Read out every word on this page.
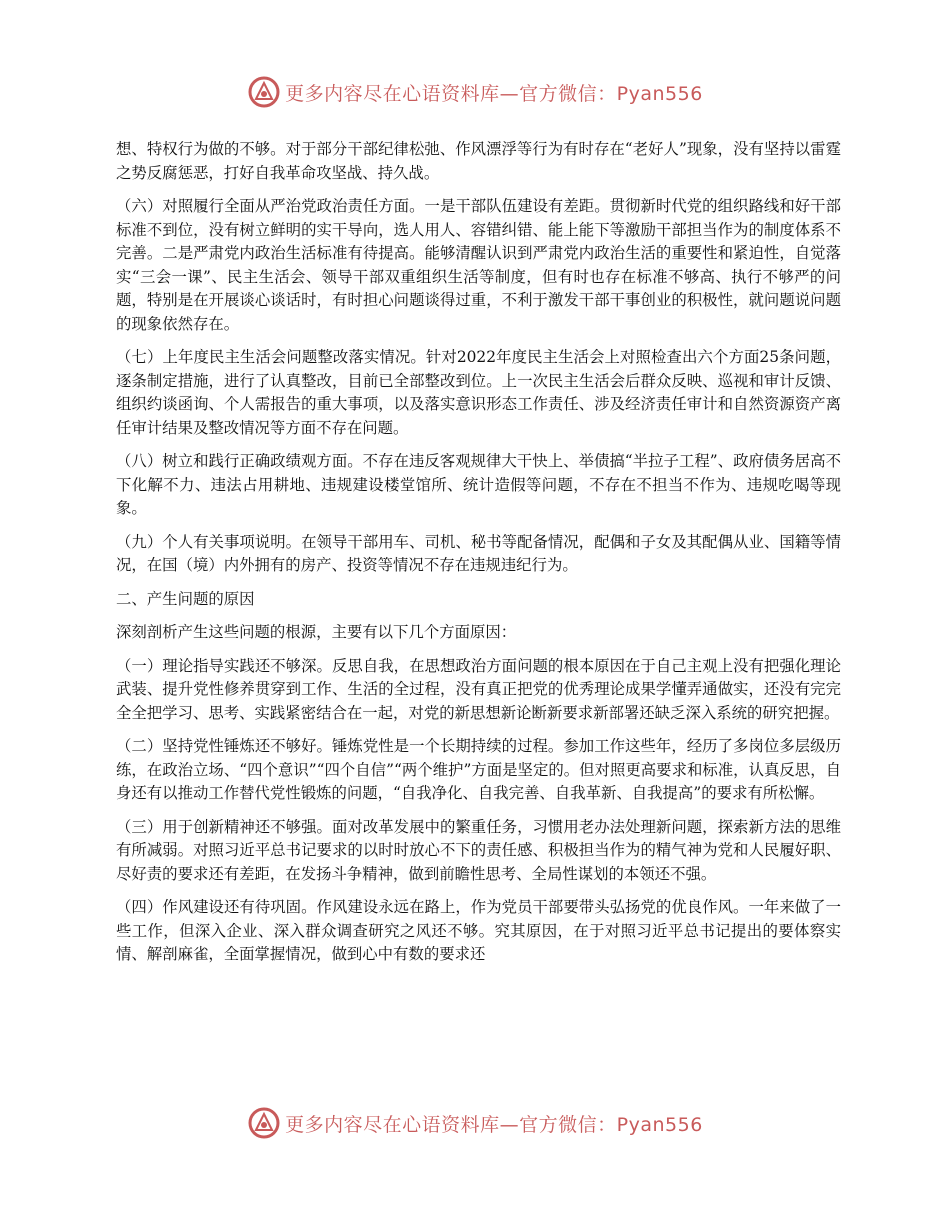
更多内容尽在心语资料库—官方微信：Pyan556

想、特权行为做的不够。对于部分干部纪律松弛、作风漂浮等行为有时存在“老好人”现象，没有坚持以雷霆之势反腐惩恶，打好自我革命攻坚战、持久战。

（六）对照履行全面从严治党政治责任方面。一是干部队伍建设有差距。贯彻新时代党的组织路线和好干部标准不到位，没有树立鲜明的实干导向，选人用人、容错纠错、能上能下等激励干部担当作为的制度体系不完善。二是严肃党内政治生活标准有待提高。能够清醒认识到严肃党内政治生活的重要性和紧迫性，自觉落实“三会一课”、民主生活会、领导干部双重组织生活等制度，但有时也存在标准不够高、执行不够严的问题，特别是在开展谈心谈话时，有时担心问题谈得过重，不利于激发干部干事创业的积极性，就问题说问题的现象依然存在。

（七）上年度民主生活会问题整改落实情况。针对2022年度民主生活会上对照检查出六个方面25条问题，逐条制定措施，进行了认真整改，目前已全部整改到位。上一次民主生活会后群众反映、巡视和审计反馈、组织约谈函询、个人需报告的重大事项，以及落实意识形态工作责任、涉及经济责任审计和自然资源资产离任审计结果及整改情况等方面不存在问题。

（八）树立和践行正确政绩观方面。不存在违反客观规律大干快上、举债搞“半拉子工程”、政府债务居高不下化解不力、违法占用耕地、违规建设楼堂馆所、统计造假等问题，不存在不担当不作为、违规吃喝等现象。

（九）个人有关事项说明。在领导干部用车、司机、秘书等配备情况，配偶和子女及其配偶从业、国籍等情况，在国（境）内外拥有的房产、投资等情况不存在违规违纪行为。

二、产生问题的原因

深刻剖析产生这些问题的根源，主要有以下几个方面原因：

（一）理论指导实践还不够深。反思自我，在思想政治方面问题的根本原因在于自己主观上没有把强化理论武装、提升党性修养贯穿到工作、生活的全过程，没有真正把党的优秀理论成果学懂弄通做实，还没有完完全全把学习、思考、实践紧密结合在一起，对党的新思想新论断新要求新部署还缺乏深入系统的研究把握。

（二）坚持党性锤炼还不够好。锤炼党性是一个长期持续的过程。参加工作这些年，经历了多岗位多层级历练，在政治立场、“四个意识”“四个自信”“两个维护”方面是坚定的。但对照更高要求和标准，认真反思，自身还有以推动工作替代党性锻炼的问题，“自我净化、自我完善、自我革新、自我提高”的要求有所松懈。

（三）用于创新精神还不够强。面对改革发展中的繁重任务，习惯用老办法处理新问题，探索新方法的思维有所减弱。对照习近平总书记要求的以时时放心不下的责任感、积极担当作为的精气神为党和人民履好职、尽好责的要求还有差距，在发扬斗争精神，做到前瞻性思考、全局性谋划的本领还不强。

（四）作风建设还有待巩固。作风建设永远在路上，作为党员干部要带头弘扬党的优良作风。一年来做了一些工作，但深入企业、深入群众调查研究之风还不够。究其原因，在于对照习近平总书记提出的要体察实情、解剖麻雀，全面掌握情况，做到心中有数的要求还

更多内容尽在心语资料库—官方微信：Pyan556
